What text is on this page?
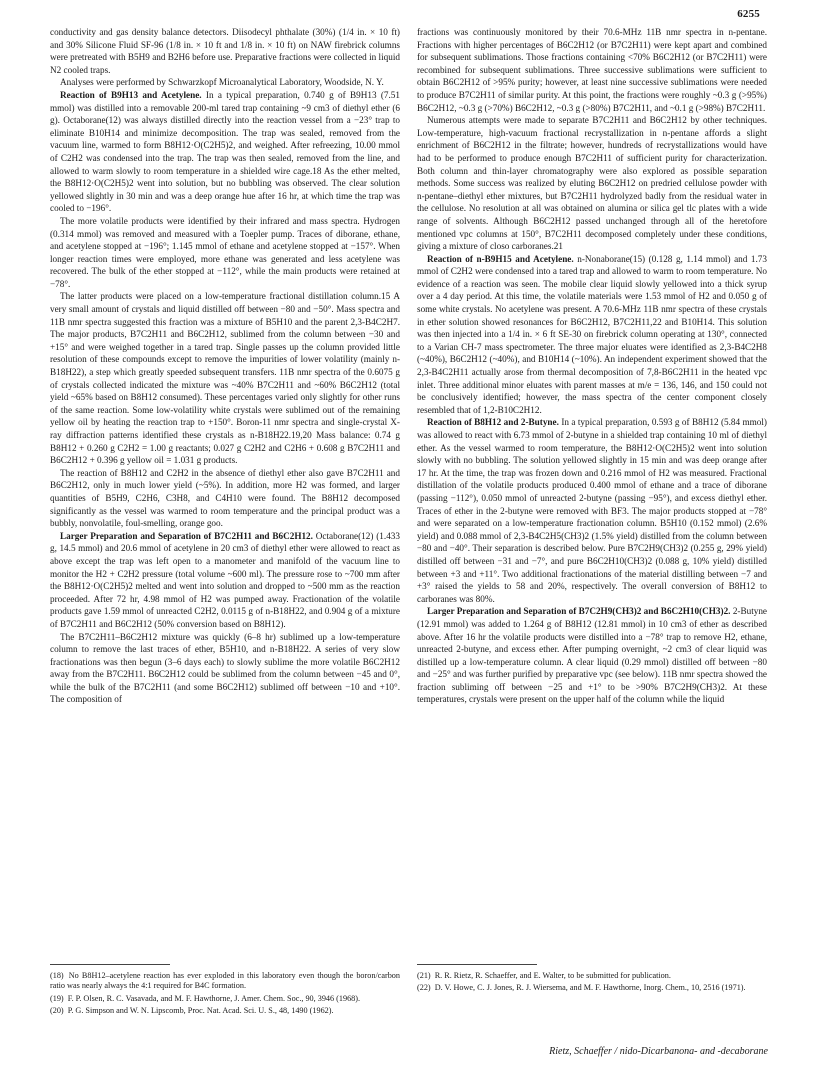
6255

conductivity and gas density balance detectors. Diisodecyl phthalate (30%) (1/4 in. × 10 ft) and 30% Silicone Fluid SF-96 (1/8 in. × 10 ft and 1/8 in. × 10 ft) on NAW firebrick columns were pretreated with B5H9 and B2H6 before use. Preparative fractions were collected in liquid N2 cooled traps.

Analyses were performed by Schwarzkopf Microanalytical Laboratory, Woodside, N. Y.

Reaction of B9H13 and Acetylene. In a typical preparation, 0.740 g of B9H13 (7.51 mmol) was distilled into a removable 200-ml tared trap containing ~9 cm3 of diethyl ether (6 g). Octaborane(12) was always distilled directly into the reaction vessel from a −23° trap to eliminate B10H14 and minimize decomposition. The trap was sealed, removed from the vacuum line, warmed to form B8H12·O(C2H5)2, and weighed. After refreezing, 10.00 mmol of C2H2 was condensed into the trap. The trap was then sealed, removed from the line, and allowed to warm slowly to room temperature in a shielded wire cage.18 As the ether melted, the B8H12·O(C2H5)2 went into solution, but no bubbling was observed. The clear solution yellowed slightly in 30 min and was a deep orange hue after 16 hr, at which time the trap was cooled to −196°.

The more volatile products were identified by their infrared and mass spectra. Hydrogen (0.314 mmol) was removed and measured with a Toepler pump. Traces of diborane, ethane, and acetylene stopped at −196°; 1.145 mmol of ethane and acetylene stopped at −157°. When longer reaction times were employed, more ethane was generated and less acetylene was recovered. The bulk of the ether stopped at −112°, while the main products were retained at −78°.

The latter products were placed on a low-temperature fractional distillation column.15 A very small amount of crystals and liquid distilled off between −80 and −50°. Mass spectra and 11B nmr spectra suggested this fraction was a mixture of B5H10 and the parent 2,3-B4C2H7. The major products, B7C2H11 and B6C2H12, sublimed from the column between −30 and +15° and were weighed together in a tared trap. Single passes up the column provided little resolution of these compounds except to remove the impurities of lower volatility (mainly n-B18H22), a step which greatly speeded subsequent transfers. 11B nmr spectra of the 0.6075 g of crystals collected indicated the mixture was ~40% B7C2H11 and ~60% B6C2H12 (total yield ~65% based on B8H12 consumed). These percentages varied only slightly for other runs of the same reaction. Some low-volatility white crystals were sublimed out of the remaining yellow oil by heating the reaction trap to +150°. Boron-11 nmr spectra and single-crystal X-ray diffraction patterns identified these crystals as n-B18H22.19,20 Mass balance: 0.74 g B8H12 + 0.260 g C2H2 = 1.00 g reactants; 0.027 g C2H2 and C2H6 + 0.608 g B7C2H11 and B6C2H12 + 0.396 g yellow oil = 1.031 g products.

The reaction of B8H12 and C2H2 in the absence of diethyl ether also gave B7C2H11 and B6C2H12, only in much lower yield (~5%). In addition, more H2 was formed, and larger quantities of B5H9, C2H6, C3H8, and C4H10 were found. The B8H12 decomposed significantly as the vessel was warmed to room temperature and the principal product was a bubbly, nonvolatile, foul-smelling, orange goo.

Larger Preparation and Separation of B7C2H11 and B6C2H12. Octaborane(12) (1.433 g, 14.5 mmol) and 20.6 mmol of acetylene in 20 cm3 of diethyl ether were allowed to react as above except the trap was left open to a manometer and manifold of the vacuum line to monitor the H2 + C2H2 pressure (total volume ~600 ml). The pressure rose to ~700 mm after the B8H12·O(C2H5)2 melted and went into solution and dropped to ~500 mm as the reaction proceeded. After 72 hr, 4.98 mmol of H2 was pumped away. Fractionation of the volatile products gave 1.59 mmol of unreacted C2H2, 0.0115 g of n-B18H22, and 0.904 g of a mixture of B7C2H11 and B6C2H12 (50% conversion based on B8H12).

The B7C2H11–B6C2H12 mixture was quickly (6–8 hr) sublimed up a low-temperature column to remove the last traces of ether, B5H10, and n-B18H22. A series of very slow fractionations was then begun (3–6 days each) to slowly sublime the more volatile B6C2H12 away from the B7C2H11. B6C2H12 could be sublimed from the column between −45 and 0°, while the bulk of the B7C2H11 (and some B6C2H12) sublimed off between −10 and +10°. The composition of

(18) No B8H12–acetylene reaction has ever exploded in this laboratory even though the boron/carbon ratio was nearly always the 4:1 required for B4C formation.

(19) F. P. Olsen, R. C. Vasavada, and M. F. Hawthorne, J. Amer. Chem. Soc., 90, 3946 (1968).

(20) P. G. Simpson and W. N. Lipscomb, Proc. Nat. Acad. Sci. U. S., 48, 1490 (1962).

fractions was continuously monitored by their 70.6-MHz 11B nmr spectra in n-pentane. Fractions with higher percentages of B6C2H12 (or B7C2H11) were kept apart and combined for subsequent sublimations. Those fractions containing <70% B6C2H12 (or B7C2H11) were recombined for subsequent sublimations. Three successive sublimations were sufficient to obtain B6C2H12 of >95% purity; however, at least nine successive sublimations were needed to produce B7C2H11 of similar purity. At this point, the fractions were roughly ~0.3 g (>95%) B6C2H12, ~0.3 g (>70%) B6C2H12, ~0.3 g (>80%) B7C2H11, and ~0.1 g (>98%) B7C2H11.

Numerous attempts were made to separate B7C2H11 and B6C2H12 by other techniques. Low-temperature, high-vacuum fractional recrystallization in n-pentane affords a slight enrichment of B6C2H12 in the filtrate; however, hundreds of recrystallizations would have had to be performed to produce enough B7C2H11 of sufficient purity for characterization. Both column and thin-layer chromatography were also explored as possible separation methods. Some success was realized by eluting B6C2H12 on predried cellulose powder with n-pentane–diethyl ether mixtures, but B7C2H11 hydrolyzed badly from the residual water in the cellulose. No resolution at all was obtained on alumina or silica gel tlc plates with a wide range of solvents. Although B6C2H12 passed unchanged through all of the heretofore mentioned vpc columns at 150°, B7C2H11 decomposed completely under these conditions, giving a mixture of closo carboranes.21

Reaction of n-B9H15 and Acetylene. n-Nonaborane(15) (0.128 g, 1.14 mmol) and 1.73 mmol of C2H2 were condensed into a tared trap and allowed to warm to room temperature. No evidence of a reaction was seen. The mobile clear liquid slowly yellowed into a thick syrup over a 4 day period. At this time, the volatile materials were 1.53 mmol of H2 and 0.050 g of some white crystals. No acetylene was present. A 70.6-MHz 11B nmr spectra of these crystals in ether solution showed resonances for B6C2H12, B7C2H11,22 and B10H14. This solution was then injected into a 1/4 in. × 6 ft SE-30 on firebrick column operating at 130°, connected to a Varian CH-7 mass spectrometer. The three major eluates were identified as 2,3-B4C2H8 (~40%), B6C2H12 (~40%), and B10H14 (~10%). An independent experiment showed that the 2,3-B4C2H11 actually arose from thermal decomposition of 7,8-B6C2H11 in the heated vpc inlet. Three additional minor eluates with parent masses at m/e = 136, 146, and 150 could not be conclusively identified; however, the mass spectra of the center component closely resembled that of 1,2-B10C2H12.

Reaction of B8H12 and 2-Butyne. In a typical preparation, 0.593 g of B8H12 (5.84 mmol) was allowed to react with 6.73 mmol of 2-butyne in a shielded trap containing 10 ml of diethyl ether. As the vessel warmed to room temperature, the B8H12·O(C2H5)2 went into solution slowly with no bubbling. The solution yellowed slightly in 15 min and was deep orange after 17 hr. At the time, the trap was frozen down and 0.216 mmol of H2 was measured. Fractional distillation of the volatile products produced 0.400 mmol of ethane and a trace of diborane (passing −112°), 0.050 mmol of unreacted 2-butyne (passing −95°), and excess diethyl ether. Traces of ether in the 2-butyne were removed with BF3. The major products stopped at −78° and were separated on a low-temperature fractionation column. B5H10 (0.152 mmol) (2.6% yield) and 0.088 mmol of 2,3-B4C2H5(CH3)2 (1.5% yield) distilled from the column between −80 and −40°. Their separation is described below. Pure B7C2H9(CH3)2 (0.255 g, 29% yield) distilled off between −31 and −7°, and pure B6C2H10(CH3)2 (0.088 g, 10% yield) distilled between +3 and +11°. Two additional fractionations of the material distilling between −7 and +3° raised the yields to 58 and 20%, respectively. The overall conversion of B8H12 to carboranes was 80%.

Larger Preparation and Separation of B7C2H9(CH3)2 and B6C2H10(CH3)2. 2-Butyne (12.91 mmol) was added to 1.264 g of B8H12 (12.81 mmol) in 10 cm3 of ether as described above. After 16 hr the volatile products were distilled into a −78° trap to remove H2, ethane, unreacted 2-butyne, and excess ether. After pumping overnight, ~2 cm3 of clear liquid was distilled up a low-temperature column. A clear liquid (0.29 mmol) distilled off between −80 and −25° and was further purified by preparative vpc (see below). 11B nmr spectra showed the fraction subliming off between −25 and +1° to be >90% B7C2H9(CH3)2. At these temperatures, crystals were present on the upper half of the column while the liquid

(21) R. R. Rietz, R. Schaeffer, and E. Walter, to be submitted for publication.

(22) D. V. Howe, C. J. Jones, R. J. Wiersema, and M. F. Hawthorne, Inorg. Chem., 10, 2516 (1971).

Rietz, Schaeffer / nido-Dicarbanona- and -decaborane
